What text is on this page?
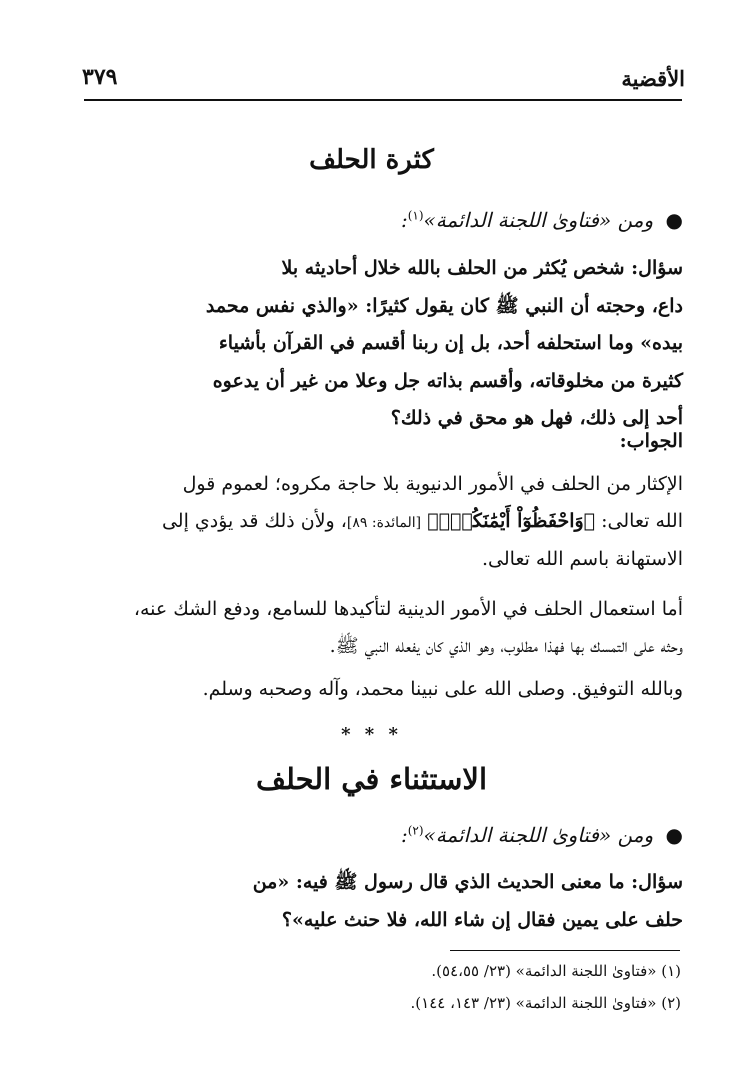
الأقضية
٣٧٩
كثرة الحلف
● ومن «فتاوىٰ اللجنة الدائمة»$^{(١)}$:
سؤال: شخص يُكثر من الحلف بالله خلال أحاديثه بلا
داع، وحجته أن النبي ﷺ كان يقول كثيرًا: «والذي نفس محمد
بيده» وما استحلفه أحد، بل إن ربنا أقسم في القرآن بأشياء
كثيرة من مخلوقاته، وأقسم بذاته جل وعلا من غير أن يدعوه
أحد إلى ذلك، فهل هو محق في ذلك؟
الجواب:
الإكثار من الحلف في الأمور الدنيوية بلا حاجة مكروه؛ لعموم قول
الله تعالى: ﴿وَاحْفَظُوٓاْ أَيْمَٰنَكُمْۚ﴾ [المائدة: ٨٩]، ولأن ذلك قد يؤدي إلى
الاستهانة باسم الله تعالى.
أما استعمال الحلف في الأمور الدينية لتأكيدها للسامع، ودفع الشك عنه،
وحثه على التمسك بها فهذا مطلوب، وهو الذي كان يفعله النبي ﷺ.
وبالله التوفيق. وصلى الله على نبينا محمد، وآله وصحبه وسلم.
* * *
الاستثناء في الحلف
● ومن «فتاوىٰ اللجنة الدائمة»$^{(٢)}$:
سؤال: ما معنى الحديث الذي قال رسول ﷺ فيه: «من
حلف على يمين فقال إن شاء الله، فلا حنث عليه»؟
(١) «فتاوىٰ اللجنة الدائمة» (٢٣/ ٥٤،٥٥).
(٢) «فتاوىٰ اللجنة الدائمة» (٢٣/ ١٤٣، ١٤٤).
